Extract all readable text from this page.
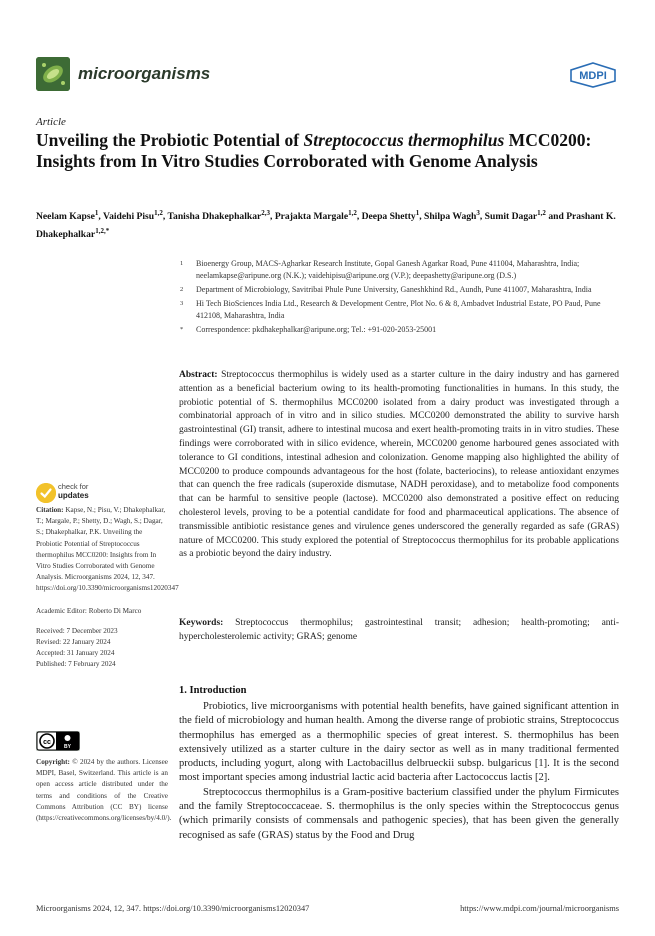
microorganisms	MDPI
Article
Unveiling the Probiotic Potential of Streptococcus thermophilus MCC0200: Insights from In Vitro Studies Corroborated with Genome Analysis
Neelam Kapse$^1$, Vaidehi Pisu$^{1,2}$, Tanisha Dhakephalkar$^{2,3}$, Prajakta Margale$^{1,2}$, Deepa Shetty$^1$, Shilpa Wagh$^3$, Sumit Dagar$^{1,2}$ and Prashant K. Dhakephalkar$^{1,2,*}$
1 Bioenergy Group, MACS-Agharkar Research Institute, Gopal Ganesh Agarkar Road, Pune 411004, Maharashtra, India; neelamkapse@aripune.org (N.K.); vaidehipisu@aripune.org (V.P.); deepashetty@aripune.org (D.S.)
2 Department of Microbiology, Savitribai Phule Pune University, Ganeshkhind Rd., Aundh, Pune 411007, Maharashtra, India
3 Hi Tech BioSciences India Ltd., Research & Development Centre, Plot No. 6 & 8, Ambadvet Industrial Estate, PO Paud, Pune 412108, Maharashtra, India
* Correspondence: pkdhakephalkar@aripune.org; Tel.: +91-020-2053-25001
Abstract: Streptococcus thermophilus is widely used as a starter culture in the dairy industry and has garnered attention as a beneficial bacterium owing to its health-promoting functionalities in humans. In this study, the probiotic potential of S. thermophilus MCC0200 isolated from a dairy product was investigated through a combinatorial approach of in vitro and in silico studies. MCC0200 demonstrated the ability to survive harsh gastrointestinal (GI) transit, adhere to intestinal mucosa and exert health-promoting traits in in vitro studies. These findings were corroborated with in silico evidence, wherein, MCC0200 genome harboured genes associated with tolerance to GI conditions, intestinal adhesion and colonization. Genome mapping also highlighted the ability of MCC0200 to produce compounds advantageous for the host (folate, bacteriocins), to release antioxidant enzymes that can quench the free radicals (superoxide dismutase, NADH peroxidase), and to metabolize food components that can be harmful to sensitive people (lactose). MCC0200 also demonstrated a positive effect on reducing cholesterol levels, proving to be a potential candidate for food and pharmaceutical applications. The absence of transmissible antibiotic resistance genes and virulence genes underscored the generally regarded as safe (GRAS) nature of MCC0200. This study explored the potential of Streptococcus thermophilus for its probable applications as a probiotic beyond the dairy industry.
Keywords: Streptococcus thermophilus; gastrointestinal transit; adhesion; health-promoting; anti-hypercholesterolemic activity; GRAS; genome
check for
updates

Citation: Kapse, N.; Pisu, V.; Dhakephalkar, T.; Margale, P.; Shetty, D.; Wagh, S.; Dagar, S.; Dhakephalkar, P.K. Unveiling the Probiotic Potential of Streptococcus thermophilus MCC0200: Insights from In Vitro Studies Corroborated with Genome Analysis. Microorganisms 2024, 12, 347. https://doi.org/10.3390/microorganisms12020347

Academic Editor: Roberto Di Marco

Received: 7 December 2023

Revised: 22 January 2024

Accepted: 31 January 2024

Published: 7 February 2024

cc
BY
Copyright: © 2024 by the authors. Licensee MDPI, Basel, Switzerland. This article is an open access article distributed under the terms and conditions of the Creative Commons Attribution (CC BY) license (https://creativecommons.org/licenses/by/4.0/).
1. Introduction

Probiotics, live microorganisms with potential health benefits, have gained significant attention in the field of microbiology and human health. Among the diverse range of probiotic strains, Streptococcus thermophilus has emerged as a thermophilic species of great interest. S. thermophilus has been extensively utilized as a starter culture in the dairy sector as well as in many traditional fermented products, including yogurt, along with Lactobacillus delbrueckii subsp. bulgaricus [1]. It is the second most important species among industrial lactic acid bacteria after Lactococcus lactis [2].

Streptococcus thermophilus is a Gram-positive bacterium classified under the phylum Firmicutes and the family Streptococcaceae. S. thermophilus is the only species within the Streptococcus genus (which primarily consists of commensals and pathogenic species), that has been given the generally recognised as safe (GRAS) status by the Food and Drug

Microorganisms 2024, 12, 347. https://doi.org/10.3390/microorganisms12020347	https://www.mdpi.com/journal/microorganisms
